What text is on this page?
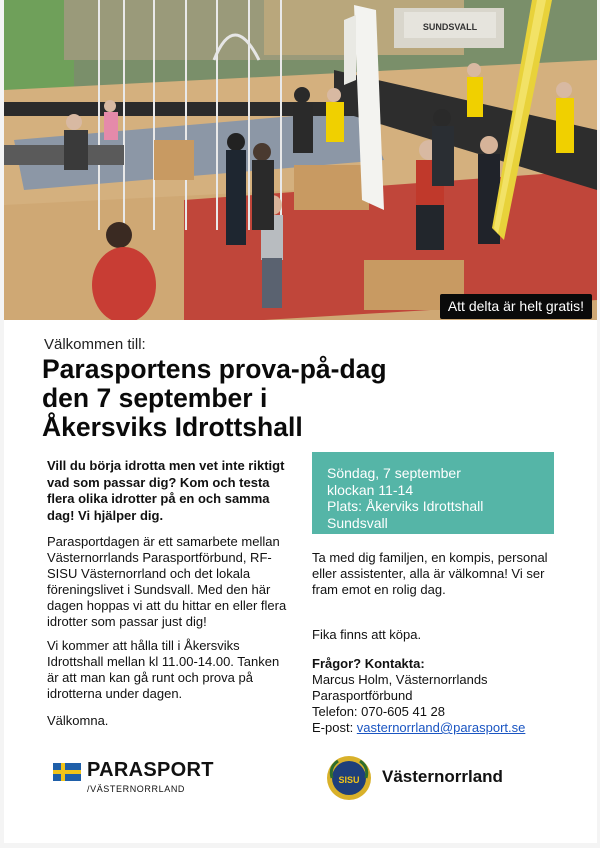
SUNDSVALL
Att delta är helt gratis!
Välkommen till:
Parasportens prova-på-dag
den 7 september i
Åkersviks Idrottshall

Vill du börja idrotta men vet inte riktigt vad som passar dig? Kom och testa flera olika idrotter på en och samma dag! Vi hjälper dig.

Parasportdagen är ett samarbete mellan Västernorrlands Parasportförbund, RF-SISU Västernorrland och det lokala föreningslivet i Sundsvall. Med den här dagen hoppas vi att du hittar en eller flera idrotter som passar just dig!

Vi kommer att hålla till i Åkersviks Idrottshall mellan kl 11.00-14.00. Tanken är att man kan gå runt och prova på idrotterna under dagen.

Välkomna.

Söndag, 7 september
klockan 11-14
Plats: Åkerviks Idrottshall
Sundsvall

Ta med dig familjen, en kompis, personal eller assistenter, alla är välkomna! Vi ser fram emot en rolig dag.

Fika finns att köpa.

Frågor? Kontakta:
Marcus Holm, Västernorrlands
Parasportförbund
Telefon: 070-605 41 28
E-post: vasternorrland@parasport.se
PARASPORT
/VÄSTERNORRLAND
SISU Västernorrland
